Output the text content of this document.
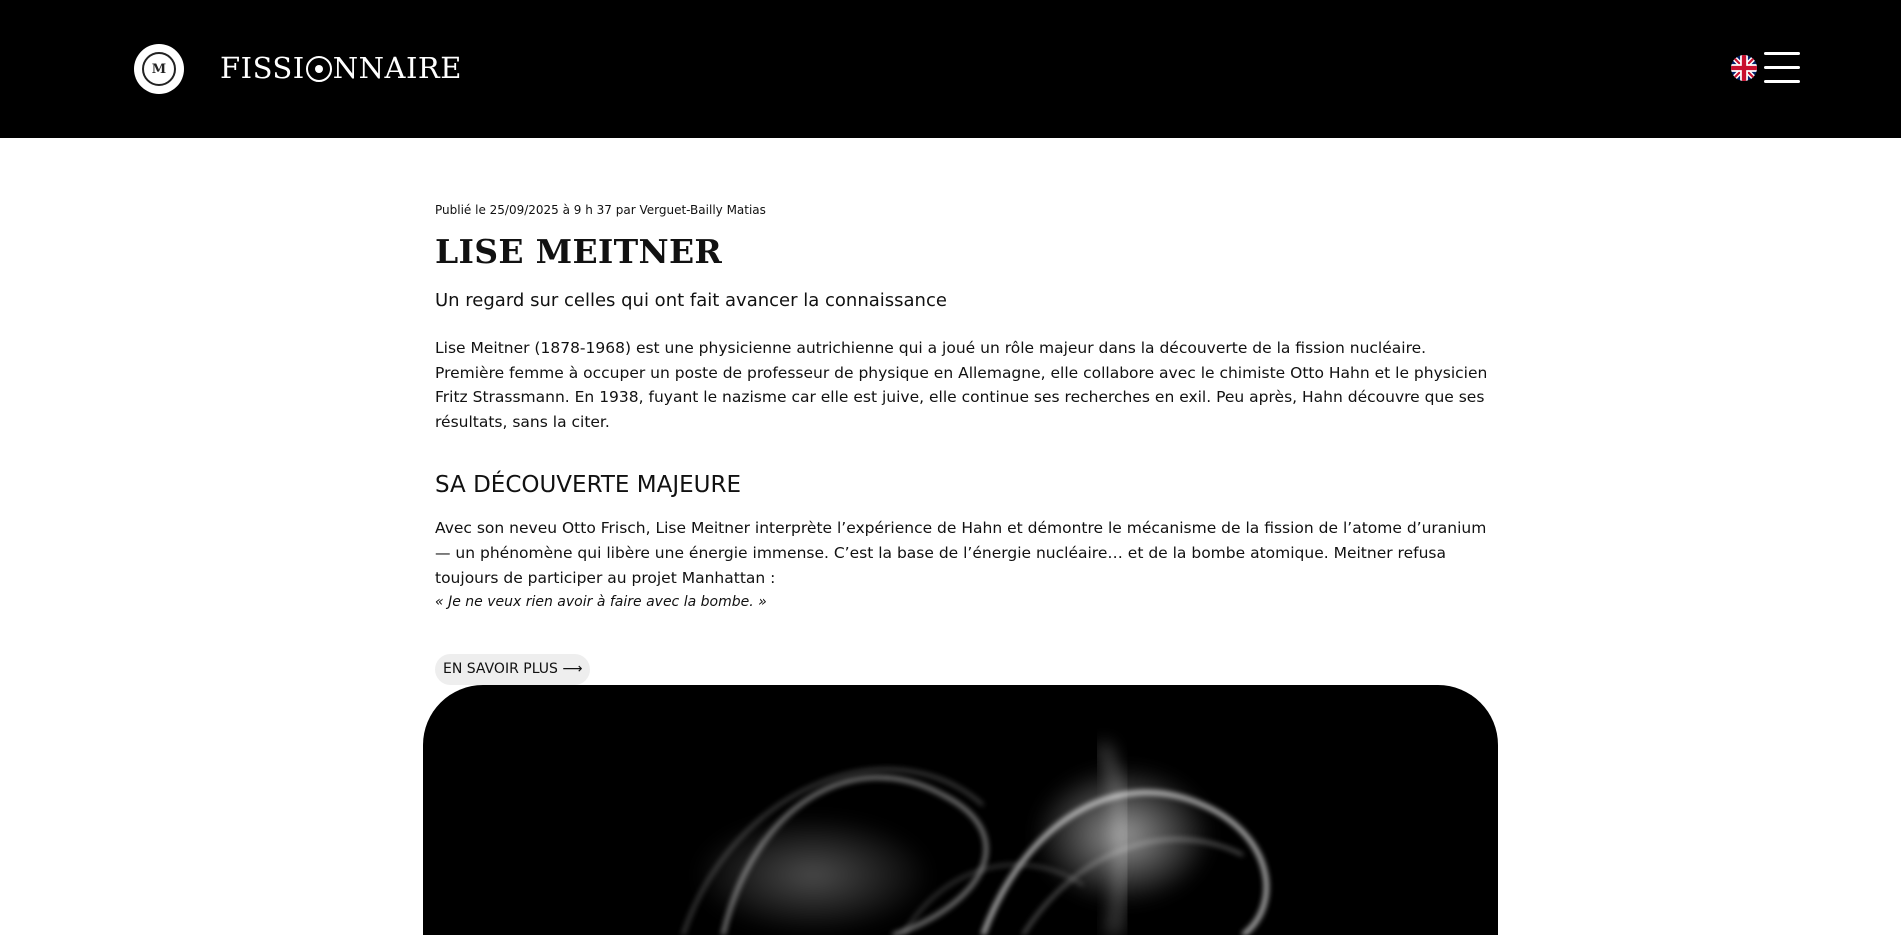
M	FISSI NNAIRE

Publié le 25/09/2025 à 9 h 37 par Verguet-Bailly Matias

LISE MEITNER

Un regard sur celles qui ont fait avancer la connaissance

Lise Meitner (1878-1968) est une physicienne autrichienne qui a joué un rôle majeur dans la découverte de la fission nucléaire. Première femme à occuper un poste de professeur de physique en Allemagne, elle collabore avec le chimiste Otto Hahn et le physicien Fritz Strassmann. En 1938, fuyant le nazisme car elle est juive, elle continue ses recherches en exil. Peu après, Hahn découvre que ses résultats, sans la citer.

SA DÉCOUVERTE MAJEURE

Avec son neveu Otto Frisch, Lise Meitner interprète l’expérience de Hahn et démontre le mécanisme de la fission de l’atome d’uranium — un phénomène qui libère une énergie immense. C’est la base de l’énergie nucléaire… et de la bombe atomique. Meitner refusa toujours de participer au projet Manhattan :

« Je ne veux rien avoir à faire avec la bombe. »

EN SAVOIR PLUS ⟶
